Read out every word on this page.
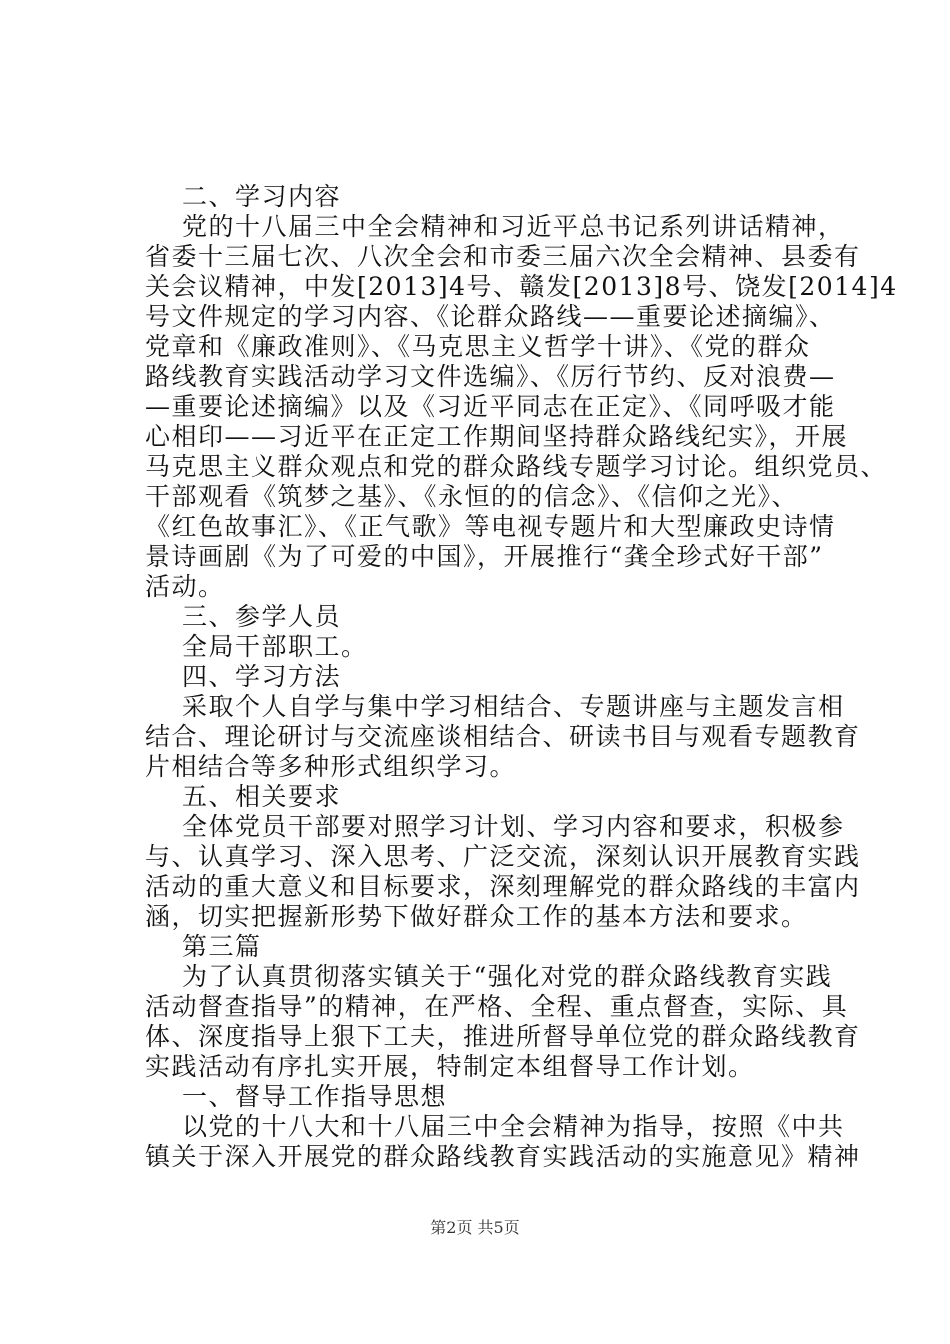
二、学习内容
党的十八届三中全会精神和习近平总书记系列讲话精神，
省委十三届七次、八次全会和市委三届六次全会精神、县委有
关会议精神，中发[2013]4号、赣发[2013]8号、饶发[2014]4
号文件规定的学习内容、《论群众路线——重要论述摘编》、
党章和《廉政准则》、《马克思主义哲学十讲》、《党的群众
路线教育实践活动学习文件选编》、《厉行节约、反对浪费—
—重要论述摘编》以及《习近平同志在正定》、《同呼吸才能
心相印——习近平在正定工作期间坚持群众路线纪实》，开展
马克思主义群众观点和党的群众路线专题学习讨论。组织党员、
干部观看《筑梦之基》、《永恒的的信念》、《信仰之光》、
《红色故事汇》、《正气歌》等电视专题片和大型廉政史诗情
景诗画剧《为了可爱的中国》，开展推行“龚全珍式好干部”
活动。
三、参学人员
全局干部职工。
四、学习方法
采取个人自学与集中学习相结合、专题讲座与主题发言相
结合、理论研讨与交流座谈相结合、研读书目与观看专题教育
片相结合等多种形式组织学习。
五、相关要求
全体党员干部要对照学习计划、学习内容和要求，积极参
与、认真学习、深入思考、广泛交流，深刻认识开展教育实践
活动的重大意义和目标要求，深刻理解党的群众路线的丰富内
涵，切实把握新形势下做好群众工作的基本方法和要求。
第三篇
为了认真贯彻落实镇关于“强化对党的群众路线教育实践
活动督查指导”的精神，在严格、全程、重点督查，实际、具
体、深度指导上狠下工夫，推进所督导单位党的群众路线教育
实践活动有序扎实开展，特制定本组督导工作计划。
一、督导工作指导思想
以党的十八大和十八届三中全会精神为指导，按照《中共
镇关于深入开展党的群众路线教育实践活动的实施意见》精神
第2页 共5页
